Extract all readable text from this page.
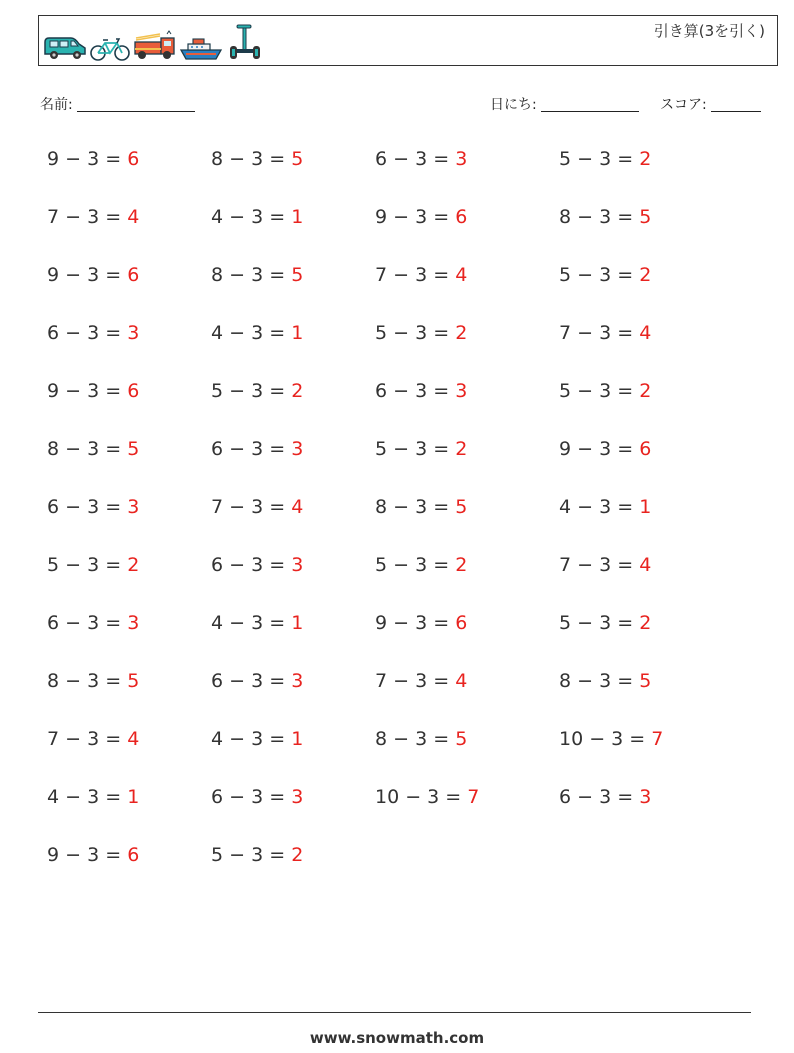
引き算(3を引く)
名前:	日にち:	スコア:
9 − 3 = 6	8 − 3 = 5	6 − 3 = 3	5 − 3 = 2
7 − 3 = 4	4 − 3 = 1	9 − 3 = 6	8 − 3 = 5
9 − 3 = 6	8 − 3 = 5	7 − 3 = 4	5 − 3 = 2
6 − 3 = 3	4 − 3 = 1	5 − 3 = 2	7 − 3 = 4
9 − 3 = 6	5 − 3 = 2	6 − 3 = 3	5 − 3 = 2
8 − 3 = 5	6 − 3 = 3	5 − 3 = 2	9 − 3 = 6
6 − 3 = 3	7 − 3 = 4	8 − 3 = 5	4 − 3 = 1
5 − 3 = 2	6 − 3 = 3	5 − 3 = 2	7 − 3 = 4
6 − 3 = 3	4 − 3 = 1	9 − 3 = 6	5 − 3 = 2
8 − 3 = 5	6 − 3 = 3	7 − 3 = 4	8 − 3 = 5
7 − 3 = 4	4 − 3 = 1	8 − 3 = 5	10 − 3 = 7
4 − 3 = 1	6 − 3 = 3	10 − 3 = 7	6 − 3 = 3
9 − 3 = 6	5 − 3 = 2
www.snowmath.com
